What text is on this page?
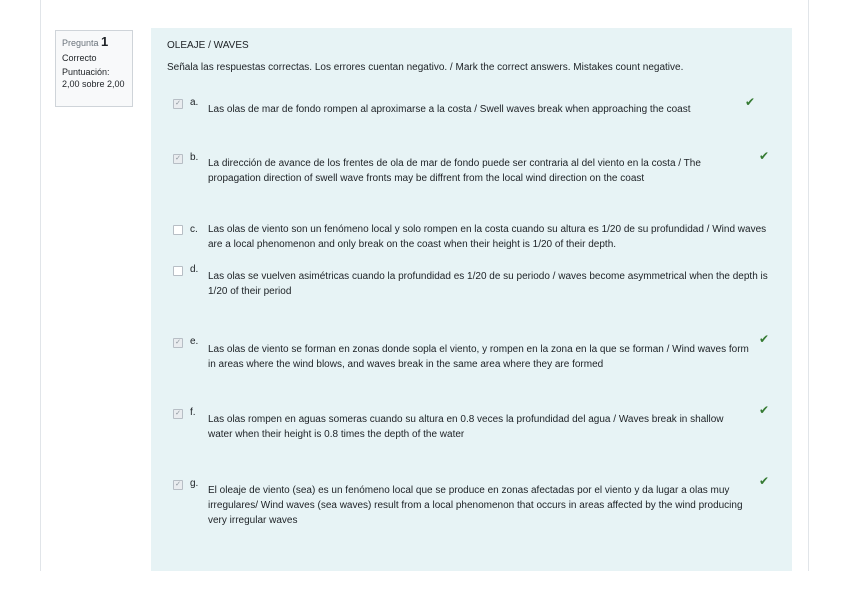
Pregunta 1
Correcto
Puntuación: 2,00 sobre 2,00

OLEAJE / WAVES

Señala las respuestas correctas. Los errores cuentan negativo. / Mark the correct answers. Mistakes count negative.
✓ a.
Las olas de mar de fondo rompen al aproximarse a la costa / Swell waves break when approaching the coast
✔
✓ b.
La dirección de avance de los frentes de ola de mar de fondo puede ser contraria al del viento en la costa / The propagation direction of swell wave fronts may be diffrent from the local wind direction on the coast
✔
c. Las olas de viento son un fenómeno local y solo rompen en la costa cuando su altura es 1/20 de su profundidad / Wind waves are a local phenomenon and only break on the coast when their height is 1/20 of their depth.
d.
Las olas se vuelven asimétricas cuando la profundidad es 1/20 de su periodo / waves become asymmetrical when the depth is 1/20 of their period
✓ e.
Las olas de viento se forman en zonas donde sopla el viento, y rompen en la zona en la que se forman / Wind waves form in areas where the wind blows, and waves break in the same area where they are formed
✔
✓ f.
Las olas rompen en aguas someras cuando su altura en 0.8 veces la profundidad del agua / Waves break in shallow water when their height is 0.8 times the depth of the water
✔
✓ g.
El oleaje de viento (sea) es un fenómeno local que se produce en zonas afectadas por el viento y da lugar a olas muy irregulares/ Wind waves (sea waves) result from a local phenomenon that occurs in areas affected by the wind producing very irregular waves
✔
